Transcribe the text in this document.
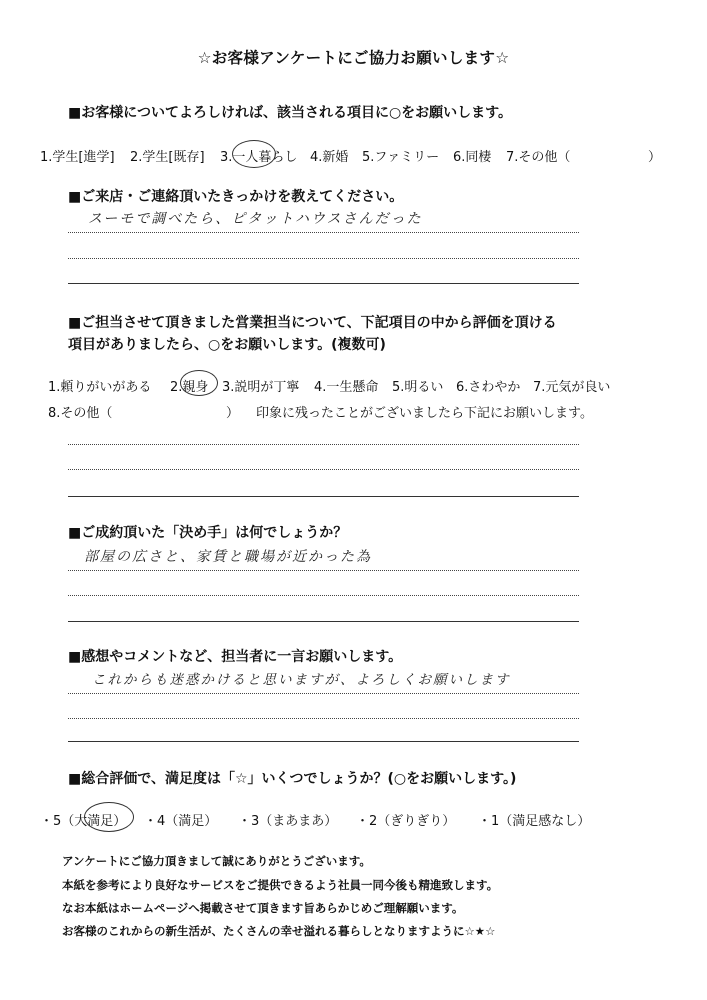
☆お客様アンケートにご協力お願いします☆
■お客様についてよろしければ、該当される項目に○をお願いします。
1.学生[進学] 2.学生[既存] 3.一人暮らし 4.新婚 5.ファミリー 6.同棲 7.その他（	）
■ご来店・ご連絡頂いたきっかけを教えてください。
スーモで調べたら、ピタットハウスさんだった
■ご担当させて頂きました営業担当について、下記項目の中から評価を頂ける
項目がありましたら、○をお願いします。(複数可)
1.頼りがいがある 2.親身 3.説明が丁寧 4.一生懸命 5.明るい 6.さわやか 7.元気が良い
8.その他（	） 印象に残ったことがございましたら下記にお願いします。
■ご成約頂いた「決め手」は何でしょうか？
部屋の広さと、家賃と職場が近かった為
■感想やコメントなど、担当者に一言お願いします。
これからも迷惑かけると思いますが、よろしくお願いします
■総合評価で、満足度は「☆」いくつでしょうか？(○をお願いします。)
・5（大満足） ・4（満足） ・3（まあまあ） ・2（ぎりぎり） ・1（満足感なし）
アンケートにご協力頂きまして誠にありがとうございます。
本紙を参考により良好なサービスをご提供できるよう社員一同今後も精進致します。
なお本紙はホームページへ掲載させて頂きます旨あらかじめご理解願います。
お客様のこれからの新生活が、たくさんの幸せ溢れる暮らしとなりますように☆★☆
